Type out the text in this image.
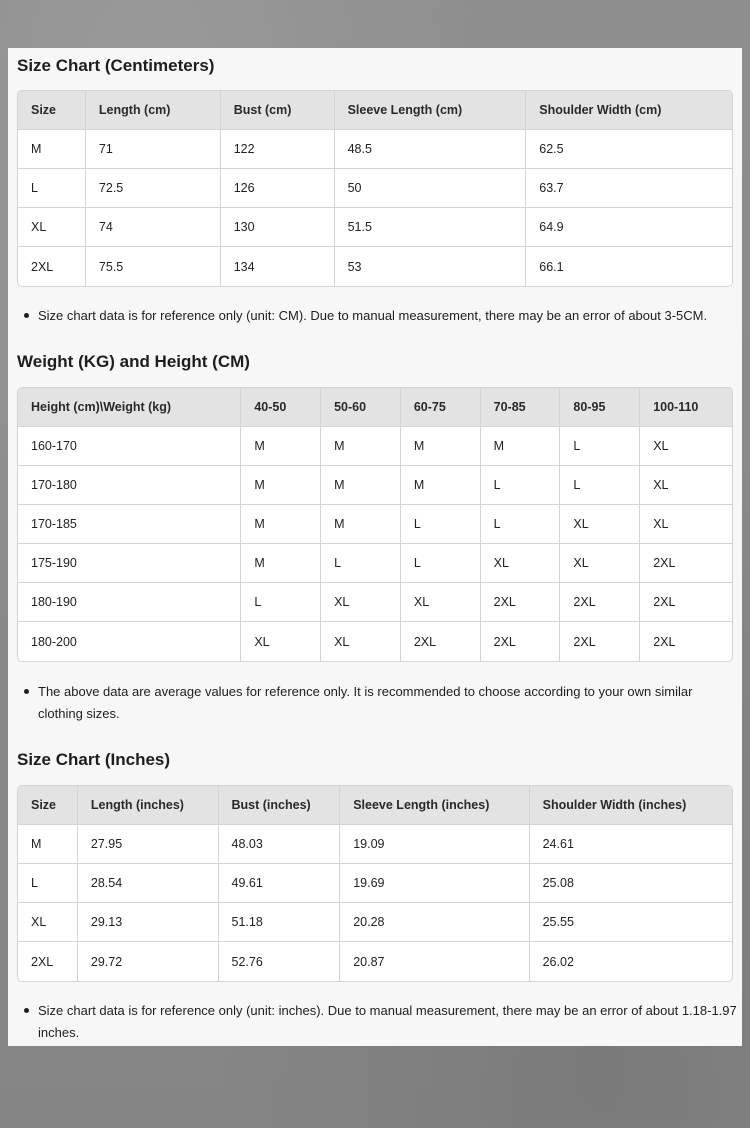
Size Chart (Centimeters)
Size	Length (cm)	Bust (cm)	Sleeve Length (cm)	Shoulder Width (cm)
M	71	122	48.5	62.5
L	72.5	126	50	63.7
XL	74	130	51.5	64.9
2XL	75.5	134	53	66.1
Size chart data is for reference only (unit: CM). Due to manual measurement, there may be an error of about 3-5CM.
Weight (KG) and Height (CM)
Height (cm)\Weight (kg)	40-50	50-60	60-75	70-85	80-95	100-110
160-170	M	M	M	M	L	XL
170-180	M	M	M	L	L	XL
170-185	M	M	L	L	XL	XL
175-190	M	L	L	XL	XL	2XL
180-190	L	XL	XL	2XL	2XL	2XL
180-200	XL	XL	2XL	2XL	2XL	2XL
The above data are average values for reference only. It is recommended to choose according to your own similar clothing sizes.
Size Chart (Inches)
Size	Length (inches)	Bust (inches)	Sleeve Length (inches)	Shoulder Width (inches)
M	27.95	48.03	19.09	24.61
L	28.54	49.61	19.69	25.08
XL	29.13	51.18	20.28	25.55
2XL	29.72	52.76	20.87	26.02
Size chart data is for reference only (unit: inches). Due to manual measurement, there may be an error of about 1.18-1.97 inches.
